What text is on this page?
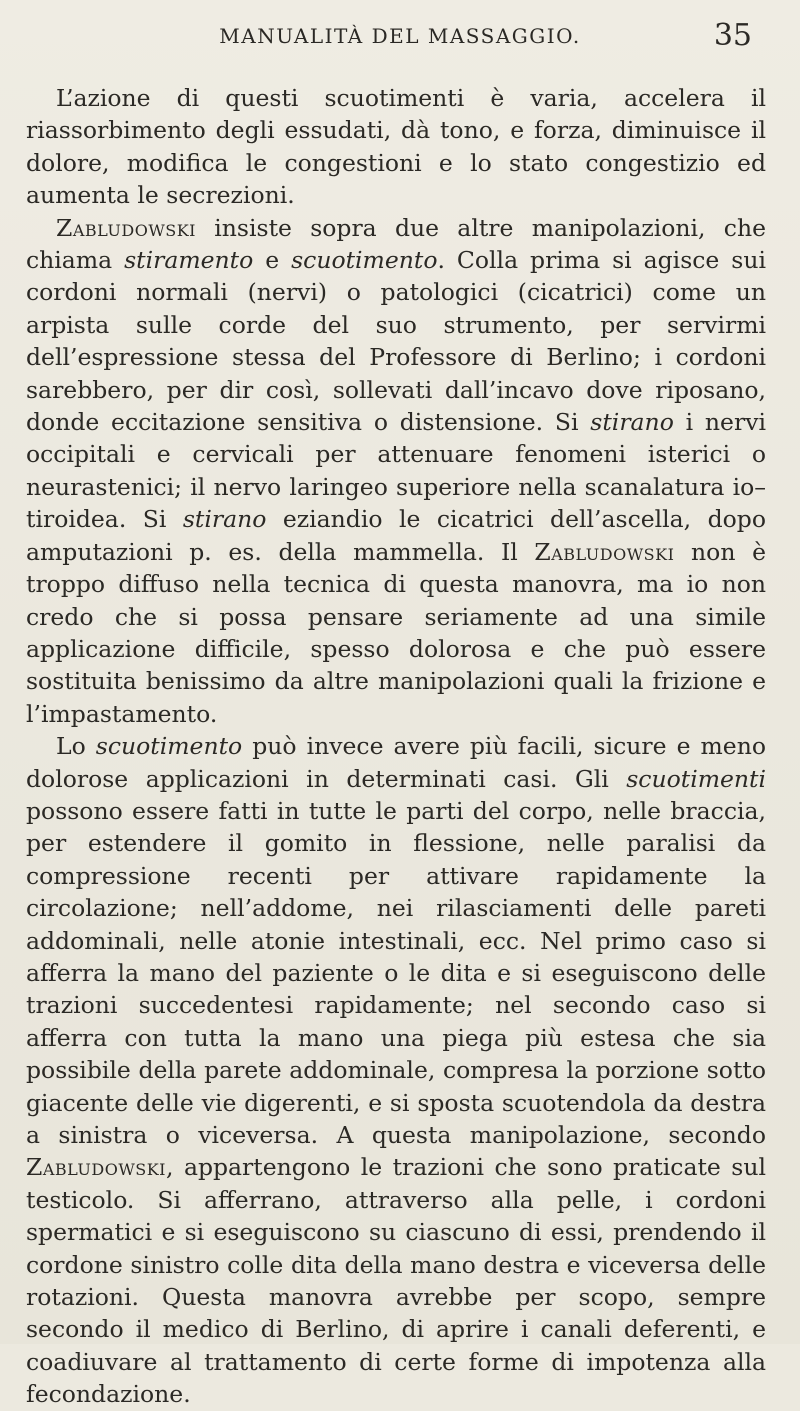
MANUALITÀ DEL MASSAGGIO.	35

L’azione di questi scuotimenti è varia, accelera il riassorbimento degli essudati, dà tono, e forza, diminuisce il dolore, modifica le congestioni e lo stato congestizio ed aumenta le secrezioni.

Zabludowski insiste sopra due altre manipolazioni, che chiama stiramento e scuotimento. Colla prima si agisce sui cordoni normali (nervi) o patologici (cicatrici) come un arpista sulle corde del suo strumento, per servirmi dell’espressione stessa del Professore di Berlino; i cordoni sarebbero, per dir così, sollevati dall’incavo dove riposano, donde eccitazione sensitiva o distensione. Si stirano i nervi occipitali e cervicali per attenuare fenomeni isterici o neurastenici; il nervo laringeo superiore nella scanalatura io–tiroidea. Si stirano eziandio le cicatrici dell’ascella, dopo amputazioni p. es. della mammella. Il Zabludowski non è troppo diffuso nella tecnica di questa manovra, ma io non credo che si possa pensare seriamente ad una simile applicazione difficile, spesso dolorosa e che può essere sostituita benissimo da altre manipolazioni quali la frizione e l’impastamento.

Lo scuotimento può invece avere più facili, sicure e meno dolorose applicazioni in determinati casi. Gli scuotimenti possono essere fatti in tutte le parti del corpo, nelle braccia, per estendere il gomito in flessione, nelle paralisi da compressione recenti per attivare rapidamente la circolazione; nell’addome, nei rilasciamenti delle pareti addominali, nelle atonie intestinali, ecc. Nel primo caso si afferra la mano del paziente o le dita e si eseguiscono delle trazioni succedentesi rapidamente; nel secondo caso si afferra con tutta la mano una piega più estesa che sia possibile della parete addominale, compresa la porzione sotto giacente delle vie digerenti, e si sposta scuotendola da destra a sinistra o viceversa. A questa manipolazione, secondo Zabludowski, appartengono le trazioni che sono praticate sul testicolo. Si afferrano, attraverso alla pelle, i cordoni spermatici e si eseguiscono su ciascuno di essi, prendendo il cordone sinistro colle dita della mano destra e viceversa delle rotazioni. Questa manovra avrebbe per scopo, sempre secondo il medico di Berlino, di aprire i canali deferenti, e coadiuvare al trattamento di certe forme di impotenza alla fecondazione.
